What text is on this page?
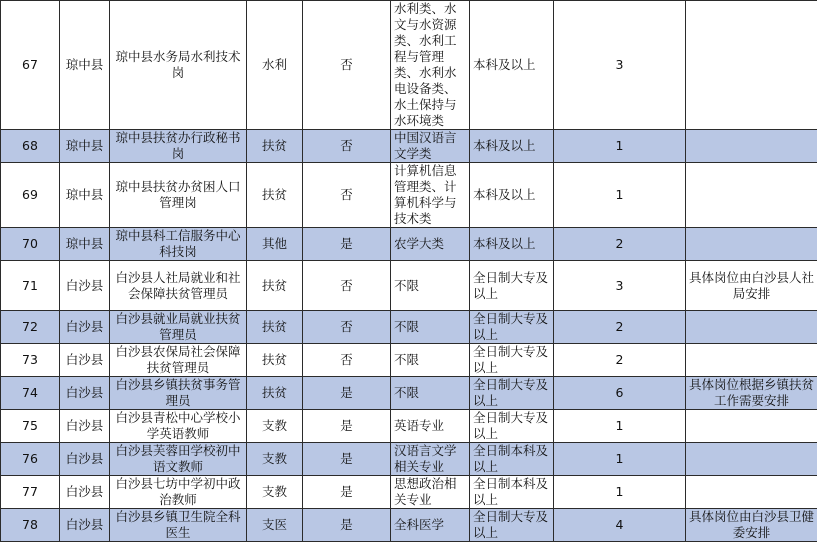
67	琼中县	琼中县水务局水利技术岗	水利	否	水利类、水文与水资源类、水利工程与管理类、水利水电设备类、水土保持与水环境类	本科及以上	3	
68	琼中县	琼中县扶贫办行政秘书岗	扶贫	否	中国汉语言文学类	本科及以上	1	
69	琼中县	琼中县扶贫办贫困人口管理岗	扶贫	否	计算机信息管理类、计算机科学与技术类	本科及以上	1	
70	琼中县	琼中县科工信服务中心科技岗	其他	是	农学大类	本科及以上	2	
71	白沙县	白沙县人社局就业和社会保障扶贫管理员	扶贫	否	不限	全日制大专及以上	3	具体岗位由白沙县人社局安排
72	白沙县	白沙县就业局就业扶贫管理员	扶贫	否	不限	全日制大专及以上	2	
73	白沙县	白沙县农保局社会保障扶贫管理员	扶贫	否	不限	全日制大专及以上	2	
74	白沙县	白沙县乡镇扶贫事务管理员	扶贫	是	不限	全日制大专及以上	6	具体岗位根据乡镇扶贫工作需要安排
75	白沙县	白沙县青松中心学校小学英语教师	支教	是	英语专业	全日制大专及以上	1	
76	白沙县	白沙县芙蓉田学校初中语文教师	支教	是	汉语言文学相关专业	全日制本科及以上	1	
77	白沙县	白沙县七坊中学初中政治教师	支教	是	思想政治相关专业	全日制本科及以上	1	
78	白沙县	白沙县乡镇卫生院全科医生	支医	是	全科医学	全日制大专及以上	4	具体岗位由白沙县卫健委安排
